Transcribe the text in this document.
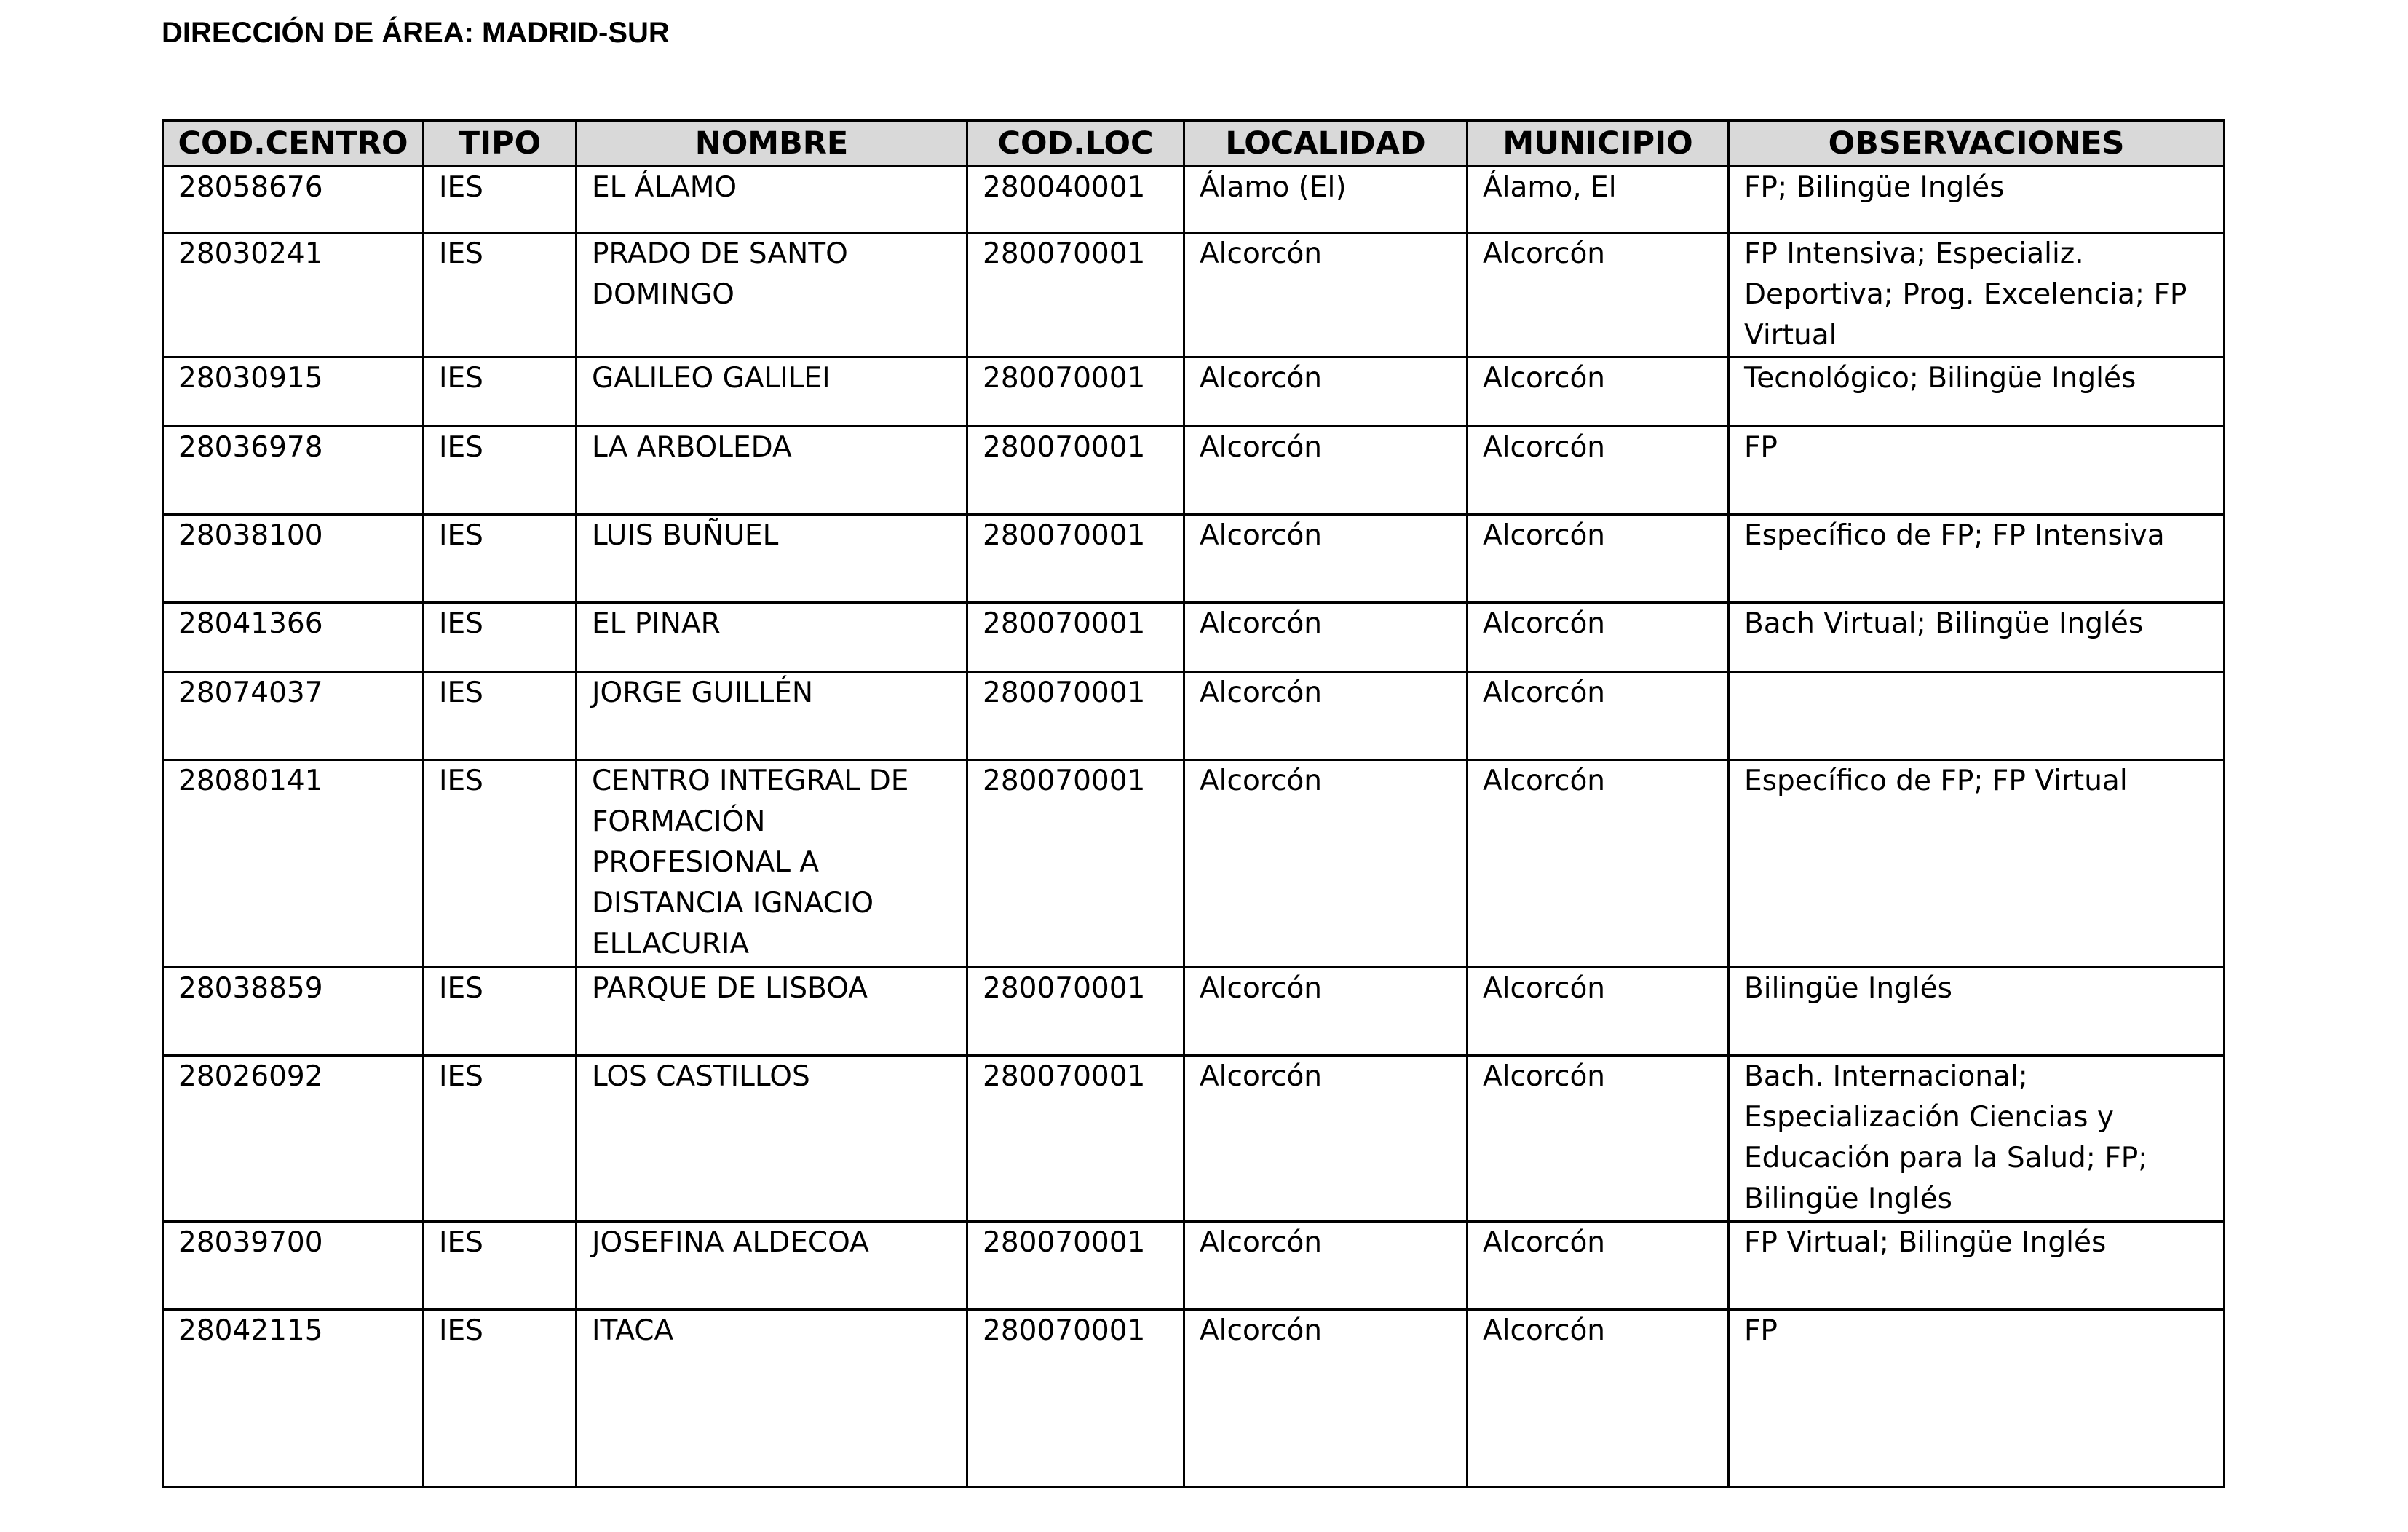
DIRECCIÓN DE ÁREA: MADRID-SUR
COD.CENTRO	TIPO	NOMBRE	COD.LOC	LOCALIDAD	MUNICIPIO	OBSERVACIONES
28058676	IES	EL ÁLAMO	280040001	Álamo (El)	Álamo, El	FP; Bilingüe Inglés
28030241	IES	PRADO DE SANTO DOMINGO	280070001	Alcorcón	Alcorcón	FP Intensiva; Especializ. Deportiva; Prog. Excelencia; FP Virtual
28030915	IES	GALILEO GALILEI	280070001	Alcorcón	Alcorcón	Tecnológico; Bilingüe Inglés
28036978	IES	LA ARBOLEDA	280070001	Alcorcón	Alcorcón	FP
28038100	IES	LUIS BUÑUEL	280070001	Alcorcón	Alcorcón	Específico de FP; FP Intensiva
28041366	IES	EL PINAR	280070001	Alcorcón	Alcorcón	Bach Virtual; Bilingüe Inglés
28074037	IES	JORGE GUILLÉN	280070001	Alcorcón	Alcorcón	
28080141	IES	CENTRO INTEGRAL DE FORMACIÓN PROFESIONAL A DISTANCIA IGNACIO ELLACURIA	280070001	Alcorcón	Alcorcón	Específico de FP; FP Virtual
28038859	IES	PARQUE DE LISBOA	280070001	Alcorcón	Alcorcón	Bilingüe Inglés
28026092	IES	LOS CASTILLOS	280070001	Alcorcón	Alcorcón	Bach. Internacional; Especialización Ciencias y Educación para la Salud; FP; Bilingüe Inglés
28039700	IES	JOSEFINA ALDECOA	280070001	Alcorcón	Alcorcón	FP Virtual; Bilingüe Inglés
28042115	IES	ITACA	280070001	Alcorcón	Alcorcón	FP
